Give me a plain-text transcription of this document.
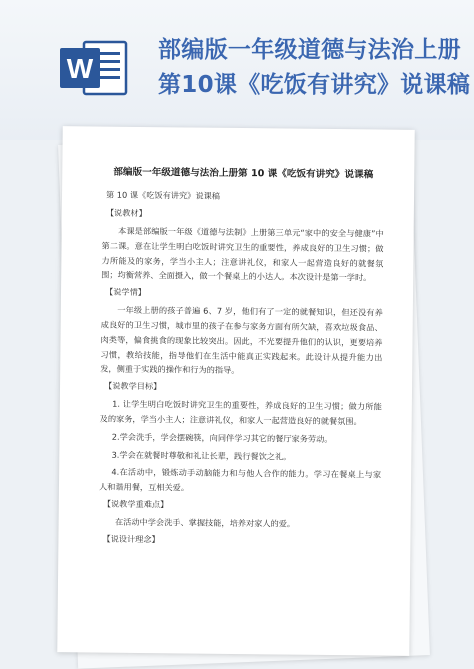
W
部编版一年级道德与法治上册
第10课《吃饭有讲究》说课稿
部编版一年级道德与法治上册第 10 课《吃饭有讲究》说课稿
第 10 课《吃饭有讲究》说课稿
【说教材】

本课是部编版一年级《道德与法制》上册第三单元“家中的安全与健康”中第二课。意在让学生明白吃饭时讲究卫生的重要性，养成良好的卫生习惯；做力所能及的家务，学当小主人；注意讲礼仪，和家人一起营造良好的就餐氛围；均衡营养、全面摄入，做一个餐桌上的小达人。本次设计是第一学时。

【说学情】

一年级上册的孩子普遍 6、7 岁，他们有了一定的就餐知识，但还没有养成良好的卫生习惯，城市里的孩子在参与家务方面有所欠缺，喜欢垃圾食品、肉类等，偏食挑食的现象比较突出。因此，不光要提升他们的认识，更要培养习惯，教给技能，指导他们在生活中能真正实践起来。此设计从提升能力出发，侧重于实践的操作和行为的指导。

【说教学目标】

1. 让学生明白吃饭时讲究卫生的重要性，养成良好的卫生习惯；做力所能及的家务，学当小主人；注意讲礼仪，和家人一起营造良好的就餐氛围。

2.学会洗手，学会摆碗筷，向同伴学习其它的餐厅家务劳动。

3.学会在就餐时尊敬和礼让长辈，践行餐饮之礼。

4.在活动中，锻炼动手动脑能力和与他人合作的能力。学习在餐桌上与家人和谐用餐，互相关爱。

【说教学重难点】

在活动中学会洗手、掌握技能，培养对家人的爱。

【说设计理念】
